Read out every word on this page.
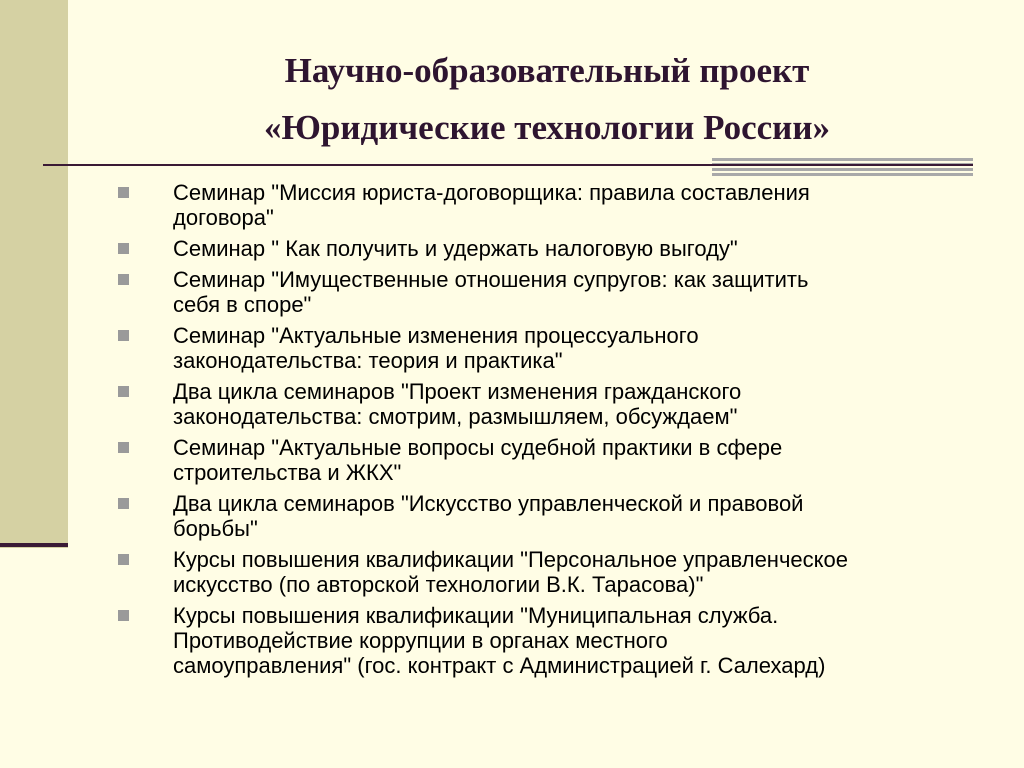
Научно-образовательный проект
«Юридические технологии России»
Семинар "Миссия юриста-договорщика: правила составления
договора"
Семинар " Как получить и удержать налоговую выгоду"
Семинар "Имущественные отношения супругов: как защитить
себя в споре"
Семинар "Актуальные изменения процессуального
законодательства: теория и практика"
Два цикла семинаров "Проект изменения гражданского
законодательства: смотрим, размышляем, обсуждаем"
Семинар "Актуальные вопросы судебной практики в сфере
строительства и ЖКХ"
Два цикла семинаров "Искусство управленческой и правовой
борьбы"
Курсы повышения квалификации "Персональное управленческое
искусство (по авторской технологии В.К. Тарасова)"
Курсы повышения квалификации "Муниципальная служба.
Противодействие коррупции в органах местного
самоуправления" (гос. контракт с Администрацией г. Салехард)
